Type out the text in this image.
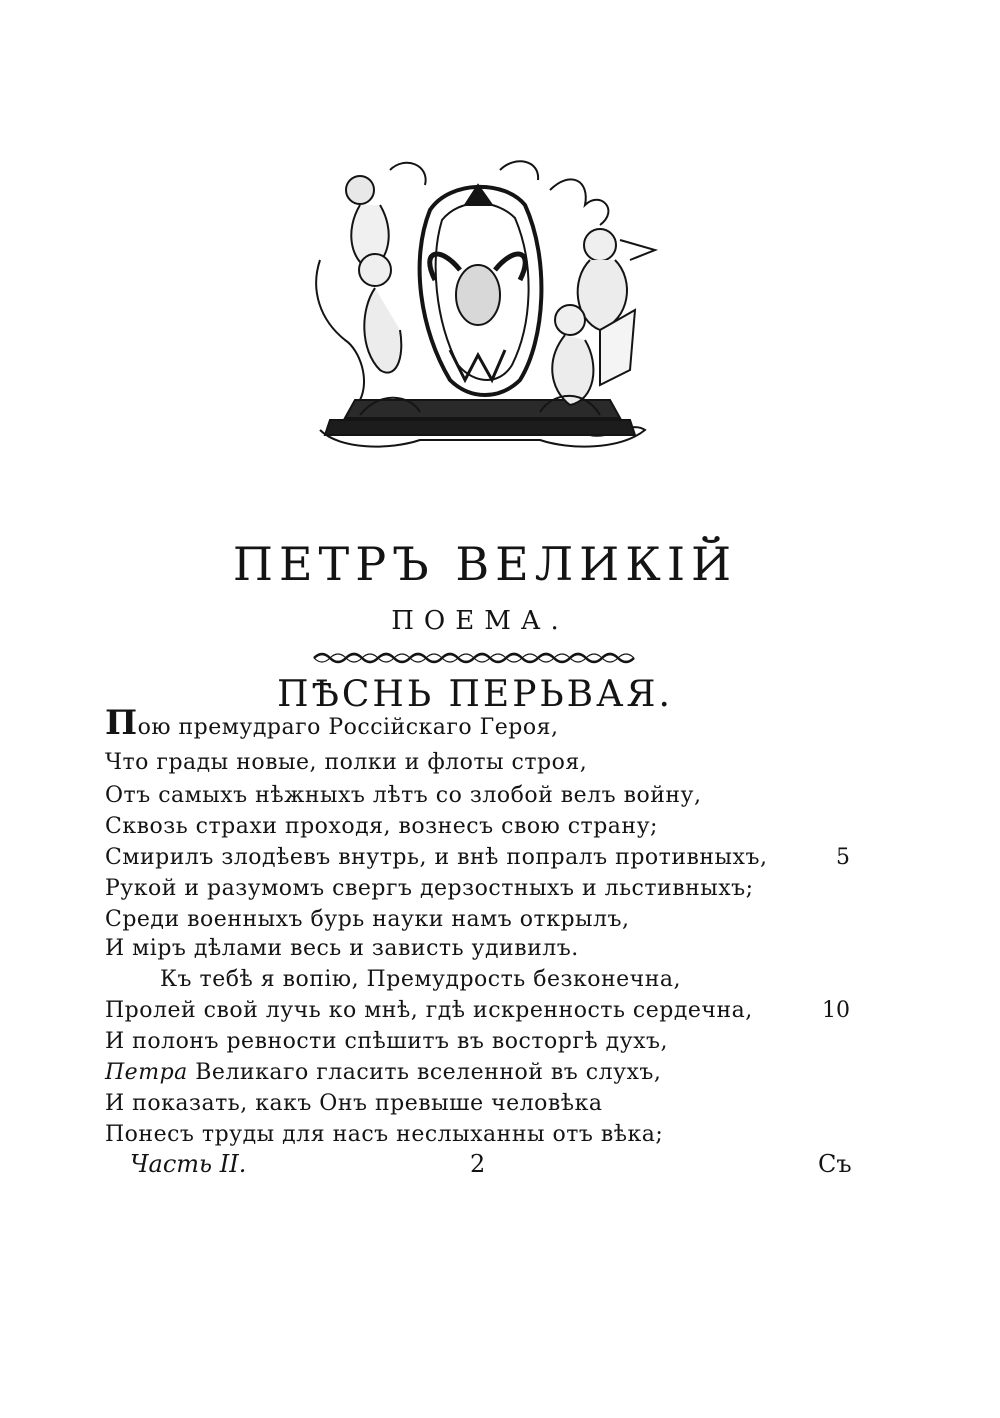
ПЕТРЪ ВЕЛИКІЙ
ПОЕМА.
ПѢСНЬ ПЕРЬВАЯ.
Пою премудраго Россійскаго Героя,
Что грады новые, полки и флоты строя,
Отъ самыхъ нѣжныхъ лѣтъ со злобой велъ войну,
Сквозь страхи проходя, вознесъ свою страну;
Смирилъ злодѣевъ внутрь, и внѣ попралъ противныхъ,
Рукой и разумомъ свергъ дерзостныхъ и льстивныхъ;
Среди военныхъ бурь науки намъ открылъ,
И міръ дѣлами весь и зависть удивилъ.
Къ тебѣ я вопію, Премудрость безконечна,
Пролей свой лучь ко мнѣ, гдѣ искренность сердечна,
И полонъ ревности спѣшитъ въ восторгѣ духъ,
Петра Великаго гласить вселенной въ слухъ,
И показать, какъ Онъ превыше человѣка
Понесъ труды для насъ неслыханны отъ вѣка;
5
10
Часть II.	2	Съ
